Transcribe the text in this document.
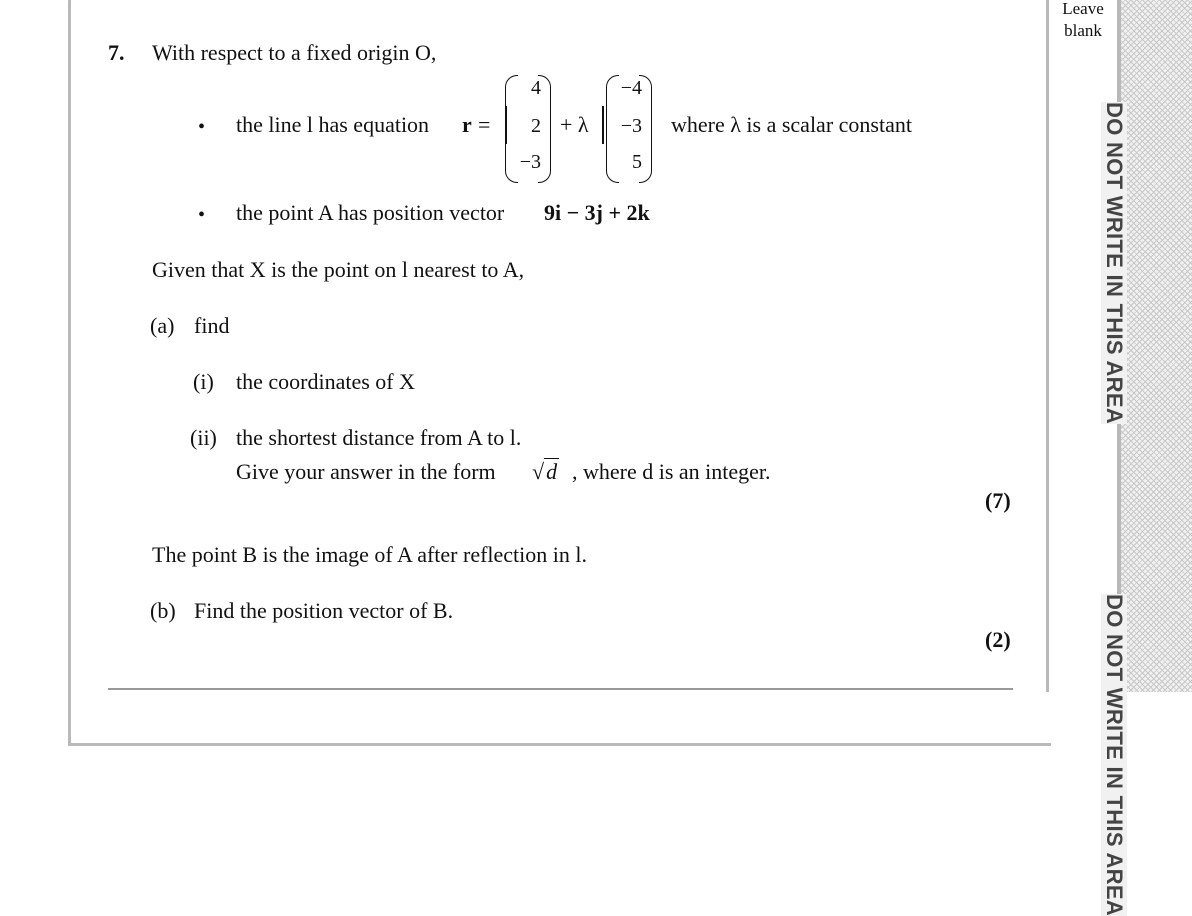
DO NOT WRITE IN THIS AREA
DO NOT WRITE IN THIS AREA
Leave
blank
7. With respect to a fixed origin O,
• the line l has equation r =
4
2
−3
+ λ
−4
−3
5
where λ is a scalar constant
• the point A has position vector 9i − 3j + 2k
Given that X is the point on l nearest to A,
(a) find
(i) the coordinates of X
(ii) the shortest distance from A to l.
Give your answer in the form √d , where d is an integer.
(7)
The point B is the image of A after reflection in l.
(b) Find the position vector of B.
(2)
